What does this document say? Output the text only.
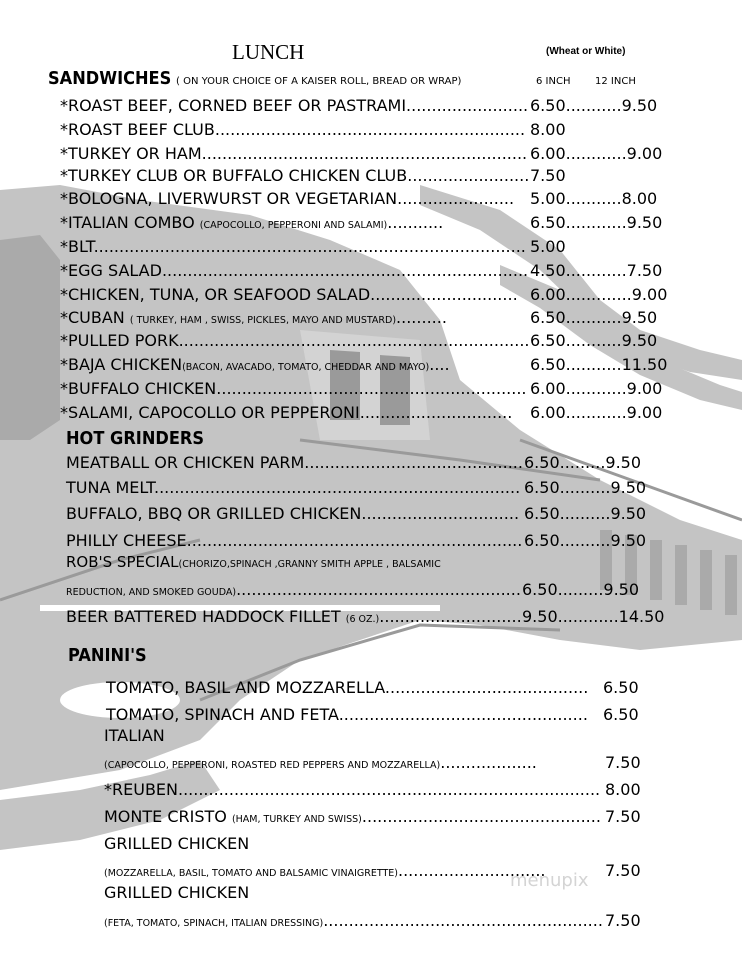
LUNCH	(Wheat or White)
SANDWICHES ( ON YOUR CHOICE OF A KAISER ROLL, BREAD OR WRAP)	6 INCH 12 INCH
*ROAST BEEF, CORNED BEEF OR PASTRAMI........................ 6.50...........9.50
*ROAST BEEF CLUB............................................................. 8.00
*TURKEY OR HAM................................................................ 6.00............9.00
*TURKEY CLUB OR BUFFALO CHICKEN CLUB........................ 7.50
*BOLOGNA, LIVERWURST OR VEGETARIAN....................... 5.00...........8.00
*ITALIAN COMBO (CAPOCOLLO, PEPPERONI AND SALAMI)...........	6.50............9.50
*BLT..................................................................................... 5.00
*EGG SALAD........................................................................ 4.50............7.50
*CHICKEN, TUNA, OR SEAFOOD SALAD............................. 6.00.............9.00
*CUBAN ( TURKEY, HAM , SWISS, PICKLES, MAYO AND MUSTARD)..........	6.50...........9.50
*PULLED PORK..................................................................... 6.50...........9.50
*BAJA CHICKEN(BACON, AVACADO, TOMATO, CHEDDAR AND MAYO)....	6.50...........11.50
*BUFFALO CHICKEN............................................................. 6.00............9.00
*SALAMI, CAPOCOLLO OR PEPPERONI.............................. 6.00............9.00
HOT GRINDERS
MEATBALL OR CHICKEN PARM........................................... 6.50.........9.50
TUNA MELT........................................................................ 6.50..........9.50
BUFFALO, BBQ OR GRILLED CHICKEN............................... 6.50..........9.50
PHILLY CHEESE.................................................................. 6.50..........9.50
ROB'S SPECIAL(CHORIZO,SPINACH ,GRANNY SMITH APPLE , BALSAMIC
REDUCTION, AND SMOKED GOUDA)........................................................ 6.50.........9.50
BEER BATTERED HADDOCK FILLET (6 OZ.)............................ 9.50............14.50
PANINI'S
TOMATO, BASIL AND MOZZARELLA........................................ 6.50
TOMATO, SPINACH AND FETA................................................. 6.50
ITALIAN
(CAPOCOLLO, PEPPERONI, ROASTED RED PEPPERS AND MOZZARELLA)...................	7.50
*REUBEN................................................................................... 8.00
MONTE CRISTO (HAM, TURKEY AND SWISS)............................................... 7.50
GRILLED CHICKEN
(MOZZARELLA, BASIL, TOMATO AND BALSAMIC VINAIGRETTE).............................	7.50
GRILLED CHICKEN
(FETA, TOMATO, SPINACH, ITALIAN DRESSING)....................................................... 7.50
menupix
